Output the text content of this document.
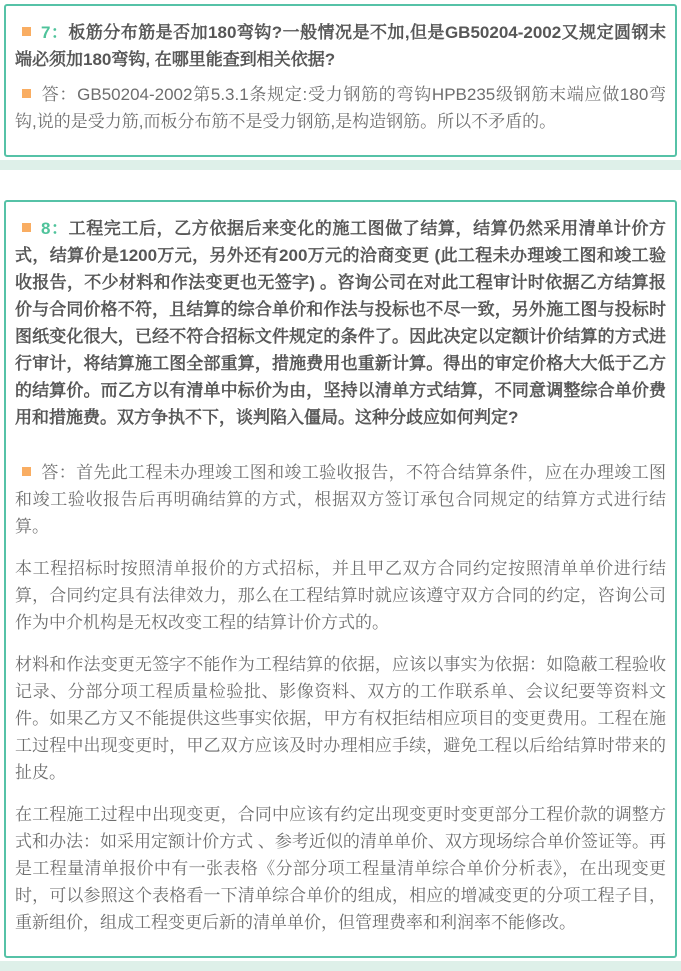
7：板筋分布筋是否加180弯钩?一般情况是不加,但是GB50204-2002又规定圆钢末端必须加180弯钩, 在哪里能查到相关依据?

答：GB50204-2002第5.3.1条规定:受力钢筋的弯钩HPB235级钢筋末端应做180弯钩,说的是受力筋,而板分布筋不是受力钢筋,是构造钢筋。所以不矛盾的。

8：工程完工后，乙方依据后来变化的施工图做了结算，结算仍然采用清单计价方式，结算价是1200万元，另外还有200万元的洽商变更 (此工程未办理竣工图和竣工验收报告，不少材料和作法变更也无签字) 。咨询公司在对此工程审计时依据乙方结算报价与合同价格不符，且结算的综合单价和作法与投标也不尽一致，另外施工图与投标时图纸变化很大，已经不符合招标文件规定的条件了。因此决定以定额计价结算的方式进行审计，将结算施工图全部重算，措施费用也重新计算。得出的审定价格大大低于乙方的结算价。而乙方以有清单中标价为由，坚持以清单方式结算，不同意调整综合单价费用和措施费。双方争执不下，谈判陷入僵局。这种分歧应如何判定?

答：首先此工程未办理竣工图和竣工验收报告，不符合结算条件，应在办理竣工图和竣工验收报告后再明确结算的方式，根据双方签订承包合同规定的结算方式进行结算。

本工程招标时按照清单报价的方式招标，并且甲乙双方合同约定按照清单单价进行结算，合同约定具有法律效力，那么在工程结算时就应该遵守双方合同的约定，咨询公司作为中介机构是无权改变工程的结算计价方式的。

材料和作法变更无签字不能作为工程结算的依据，应该以事实为依据：如隐蔽工程验收记录、分部分项工程质量检验批、影像资料、双方的工作联系单、会议纪要等资料文件。如果乙方又不能提供这些事实依据，甲方有权拒结相应项目的变更费用。工程在施工过程中出现变更时，甲乙双方应该及时办理相应手续，避免工程以后给结算时带来的扯皮。

在工程施工过程中出现变更，合同中应该有约定出现变更时变更部分工程价款的调整方式和办法：如采用定额计价方式 、参考近似的清单单价、双方现场综合单价签证等。再是工程量清单报价中有一张表格《分部分项工程量清单综合单价分析表》，在出现变更时，可以参照这个表格看一下清单综合单价的组成，相应的增减变更的分项工程子目，重新组价，组成工程变更后新的清单单价，但管理费率和利润率不能修改。
